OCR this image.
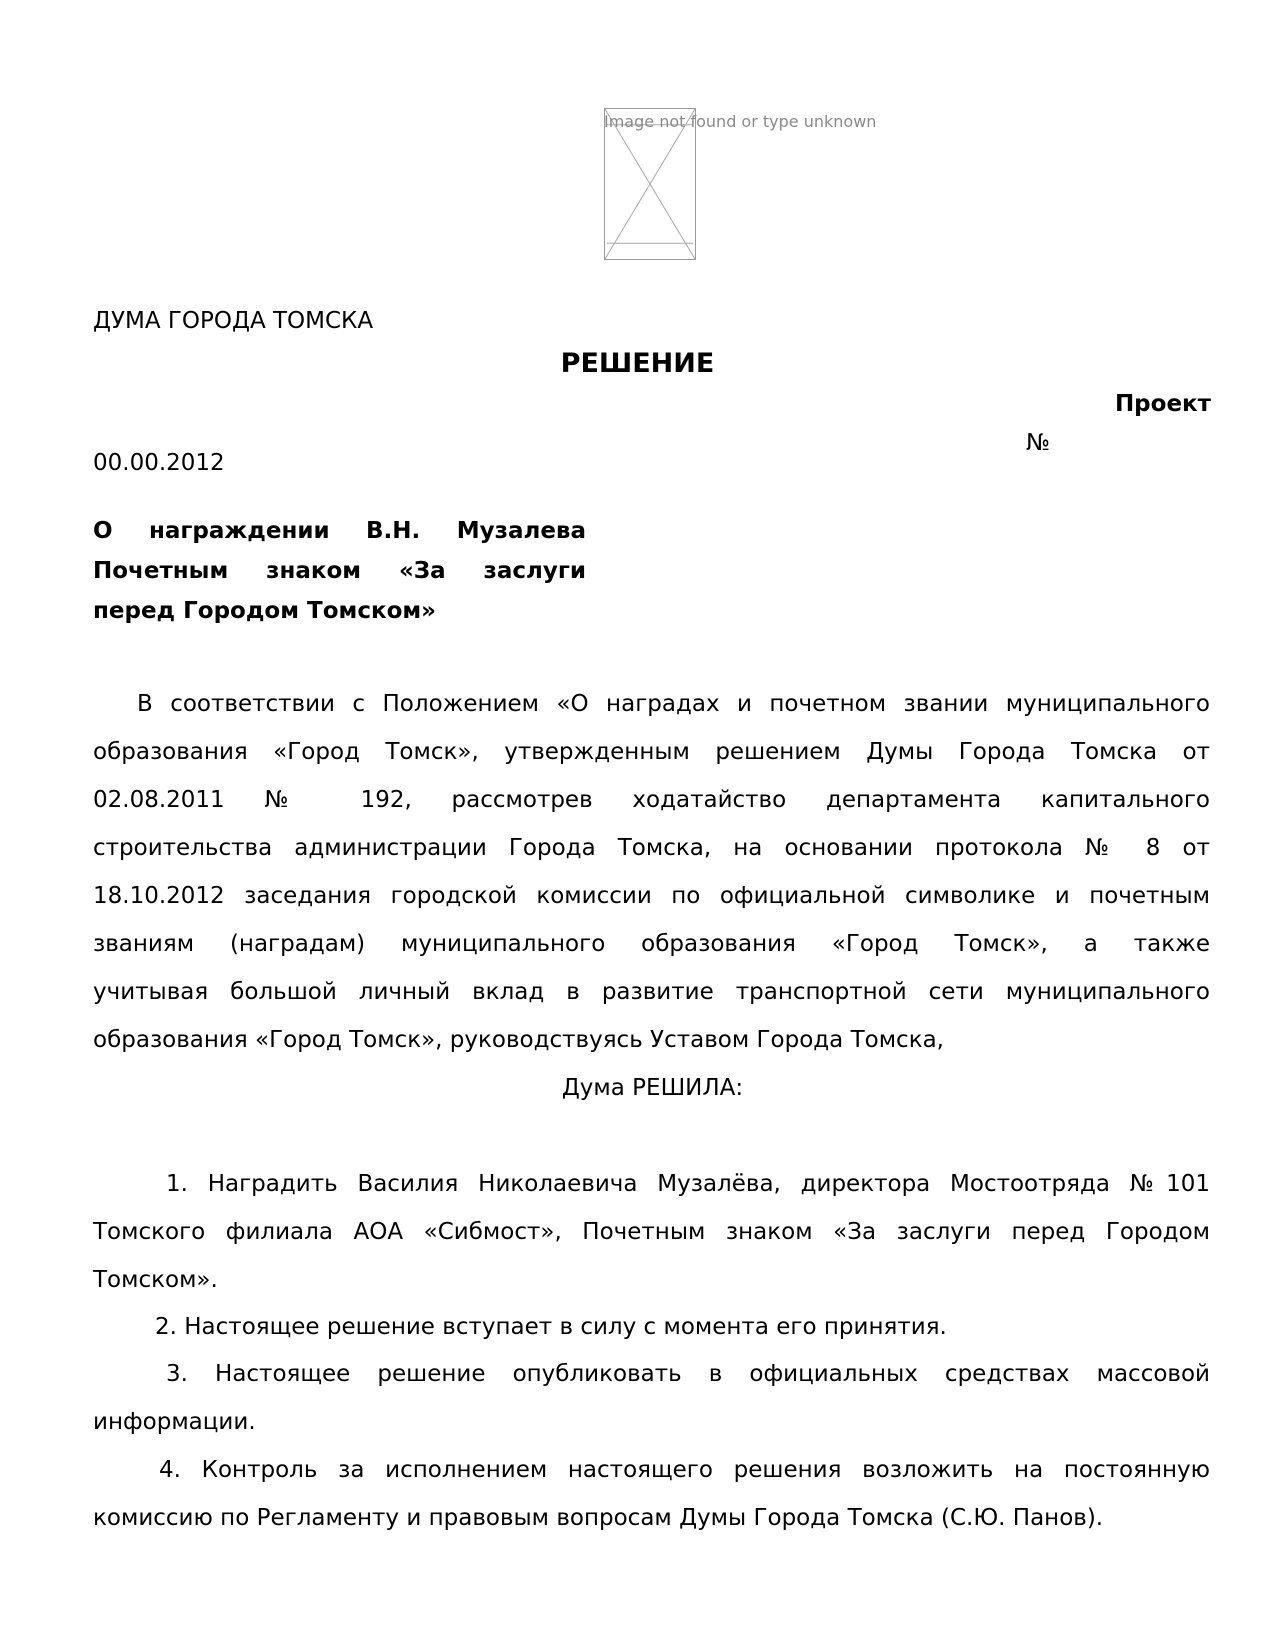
Image not found or type unknown
ДУМА ГОРОДА ТОМСКА
РЕШЕНИЕ
Проект
№
00.00.2012
О награждении В.Н. Музалева
Почетным знаком «За заслуги
перед Городом Томском»
В соответствии с Положением «О наградах и почетном звании муниципального
образования «Город Томск», утвержденным решением Думы Города Томска от
02.08.2011 № 192, рассмотрев ходатайство департамента капитального
строительства администрации Города Томска, на основании протокола № 8 от
18.10.2012 заседания городской комиссии по официальной символике и почетным
званиям (наградам) муниципального образования «Город Томск», а также
учитывая большой личный вклад в развитие транспортной сети муниципального
образования «Город Томск», руководствуясь Уставом Города Томска,
Дума РЕШИЛА:
1. Наградить Василия Николаевича Музалёва, директора Мостоотряда №101
Томского филиала АОА «Сибмост», Почетным знаком «За заслуги перед Городом
Томском».
2. Настоящее решение вступает в силу с момента его принятия.
3. Настоящее решение опубликовать в официальных средствах массовой
информации.
4. Контроль за исполнением настоящего решения возложить на постоянную
комиссию по Регламенту и правовым вопросам Думы Города Томска (С.Ю. Панов).
